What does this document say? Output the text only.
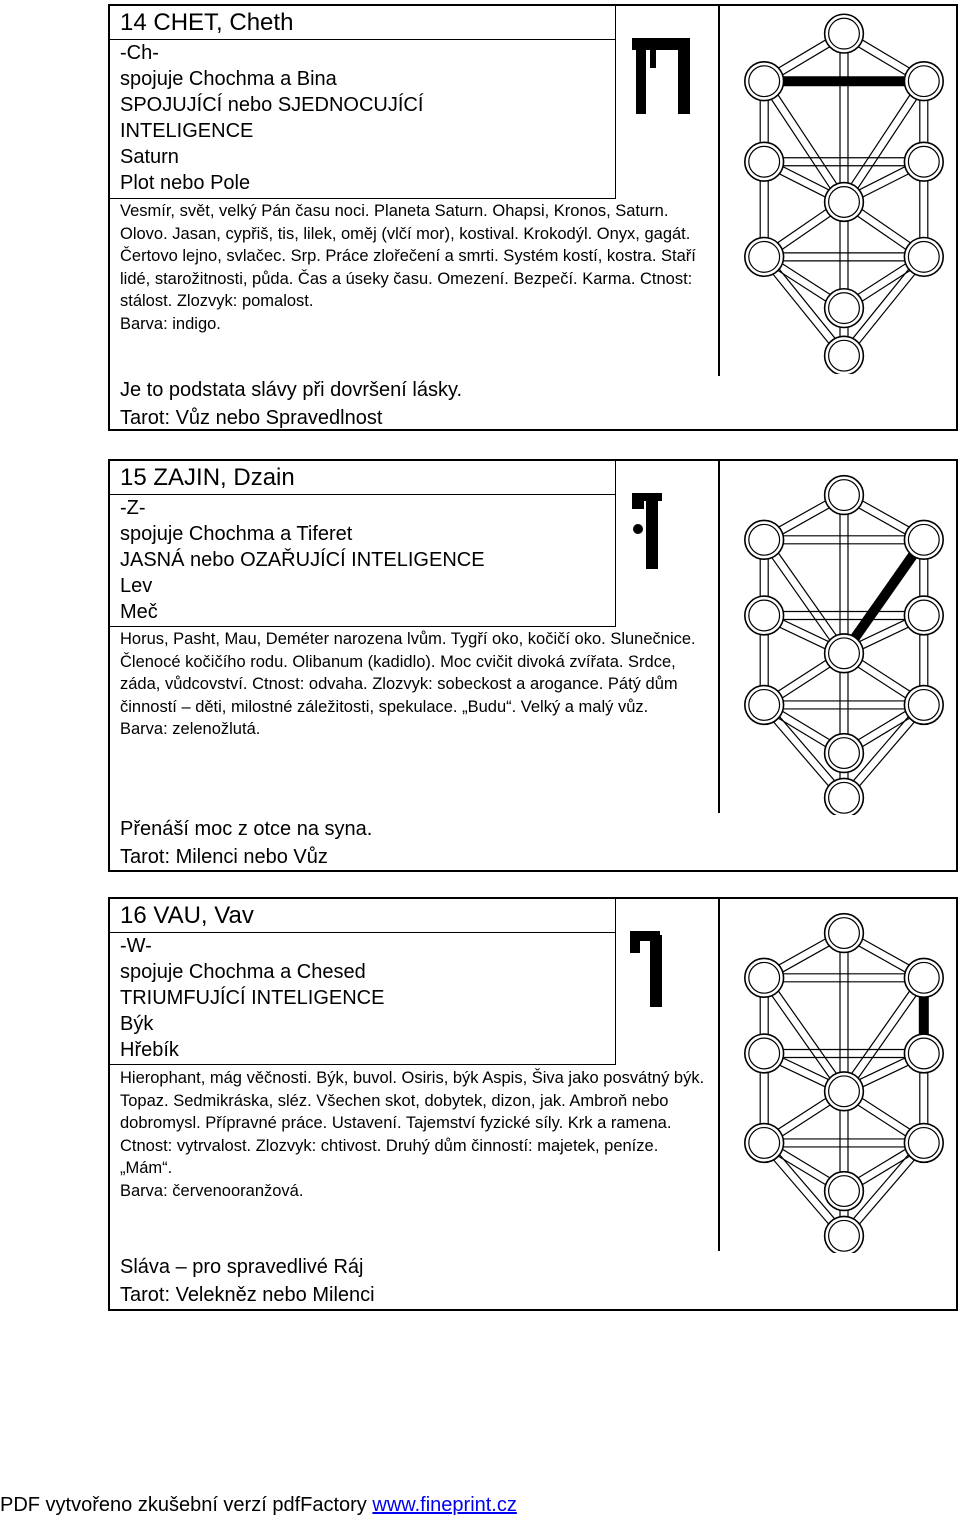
14 CHET, Cheth
-Ch-
spojuje Chochma a Bina
SPOJUJÍCÍ nebo SJEDNOCUJÍCÍ INTELIGENCE
Saturn
Plot nebo Pole
Vesmír, svět, velký Pán času noci. Planeta Saturn. Ohapsi, Kronos, Saturn. Olovo. Jasan, cypřiš, tis, lilek, oměj (vlčí mor), kostival. Krokodýl. Onyx, gagát. Čertovo lejno, svlačec. Srp. Práce zlořečení a smrti. Systém kostí, kostra. Staří lidé, starožitnosti, půda. Čas a úseky času. Omezení. Bezpečí. Karma. Ctnost: stálost. Zlozvyk: pomalost.
Barva: indigo.
Je to podstata slávy při dovršení lásky.
Tarot: Vůz nebo Spravedlnost
15 ZAJIN, Dzain
-Z-
spojuje Chochma a Tiferet
JASNÁ nebo OZAŘUJÍCÍ INTELIGENCE
Lev
Meč
Horus, Pasht, Mau, Deméter narozena lvům. Tygří oko, kočičí oko. Slunečnice. Členocé kočičího rodu. Olibanum (kadidlo). Moc cvičit divoká zvířata. Srdce, záda, vůdcovství. Ctnost: odvaha. Zlozvyk: sobeckost a arogance. Pátý dům činností – děti, milostné záležitosti, spekulace. „Budu“. Velký a malý vůz.
Barva: zelenožlutá.
Přenáší moc z otce na syna.
Tarot: Milenci nebo Vůz
16 VAU, Vav
-W-
spojuje Chochma a Chesed
TRIUMFUJÍCÍ INTELIGENCE
Býk
Hřebík
Hierophant, mág věčnosti. Býk, buvol. Osiris, býk Aspis, Šiva jako posvátný býk. Topaz. Sedmikráska, sléz. Všechen skot, dobytek, dizon, jak. Ambroň nebo dobromysl. Přípravné práce. Ustavení. Tajemství fyzické síly. Krk a ramena. Ctnost: vytrvalost. Zlozvyk: chtivost. Druhý dům činností: majetek, peníze. „Mám“.
Barva: červenooranžová.
Sláva – pro spravedlivé Ráj
Tarot: Velekněz nebo Milenci
PDF vytvořeno zkušební verzí pdfFactory www.fineprint.cz
